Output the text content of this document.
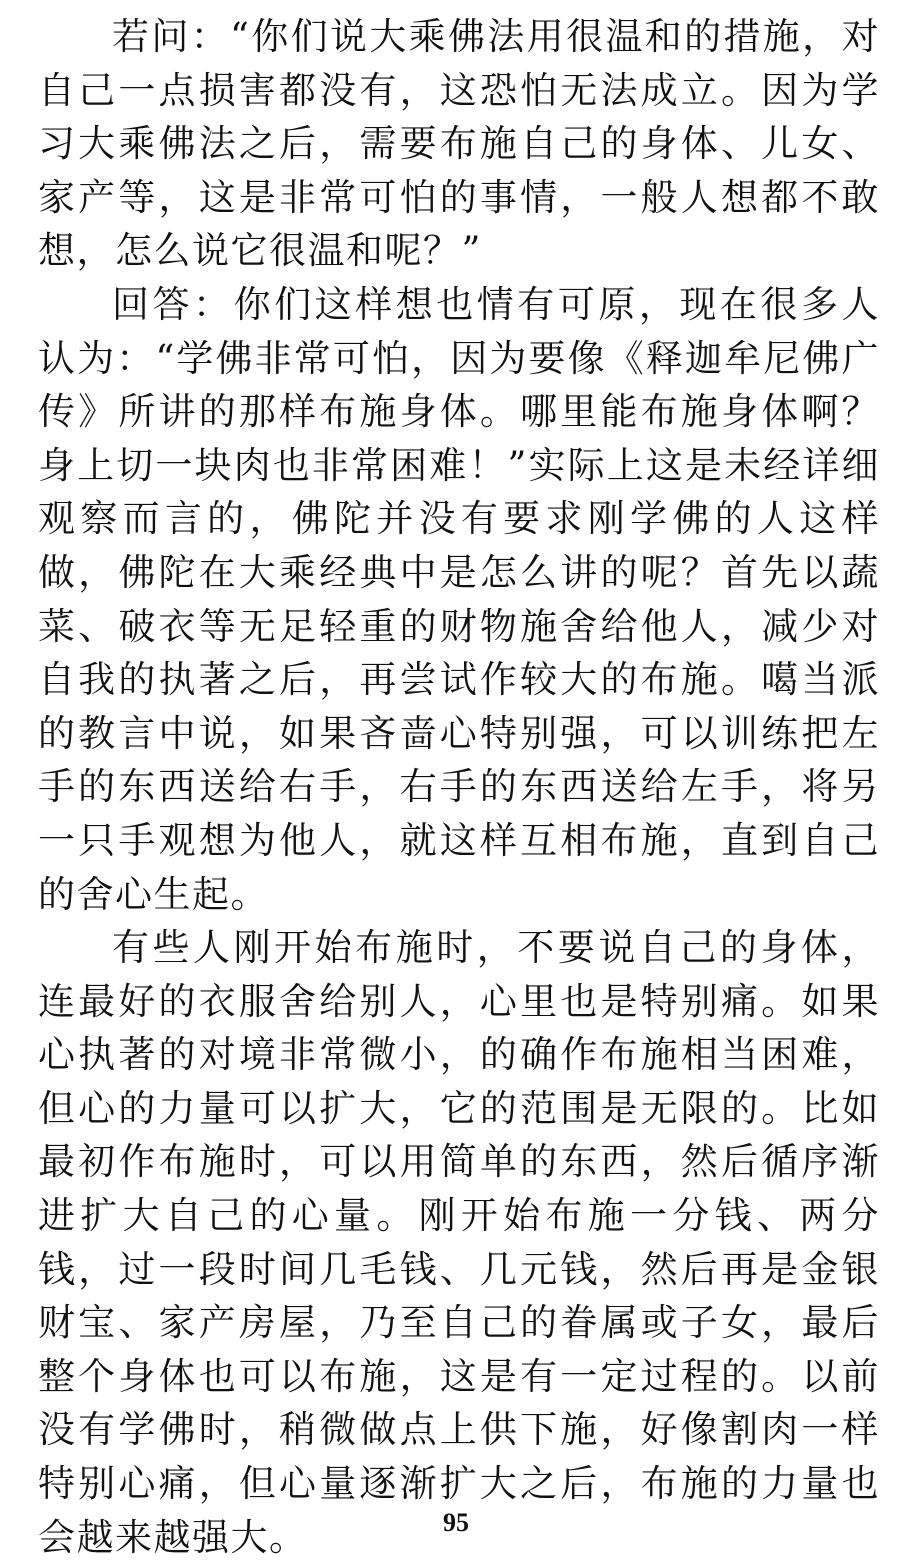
若问：“你们说大乘佛法用很温和的措施，对自己一点损害都没有，这恐怕无法成立。因为学习大乘佛法之后，需要布施自己的身体、儿女、家产等，这是非常可怕的事情，一般人想都不敢想，怎么说它很温和呢？”

回答：你们这样想也情有可原，现在很多人认为：“学佛非常可怕，因为要像《释迦牟尼佛广传》所讲的那样布施身体。哪里能布施身体啊？身上切一块肉也非常困难！”实际上这是未经详细观察而言的，佛陀并没有要求刚学佛的人这样做，佛陀在大乘经典中是怎么讲的呢？首先以蔬菜、破衣等无足轻重的财物施舍给他人，减少对自我的执著之后，再尝试作较大的布施。噶当派的教言中说，如果吝啬心特别强，可以训练把左手的东西送给右手，右手的东西送给左手，将另一只手观想为他人，就这样互相布施，直到自己的舍心生起。

有些人刚开始布施时，不要说自己的身体，连最好的衣服舍给别人，心里也是特别痛。如果心执著的对境非常微小，的确作布施相当困难，但心的力量可以扩大，它的范围是无限的。比如最初作布施时，可以用简单的东西，然后循序渐进扩大自己的心量。刚开始布施一分钱、两分钱，过一段时间几毛钱、几元钱，然后再是金银财宝、家产房屋，乃至自己的眷属或子女，最后整个身体也可以布施，这是有一定过程的。以前没有学佛时，稍微做点上供下施，好像割肉一样特别心痛，但心量逐渐扩大之后，布施的力量也会越来越强大。	95
